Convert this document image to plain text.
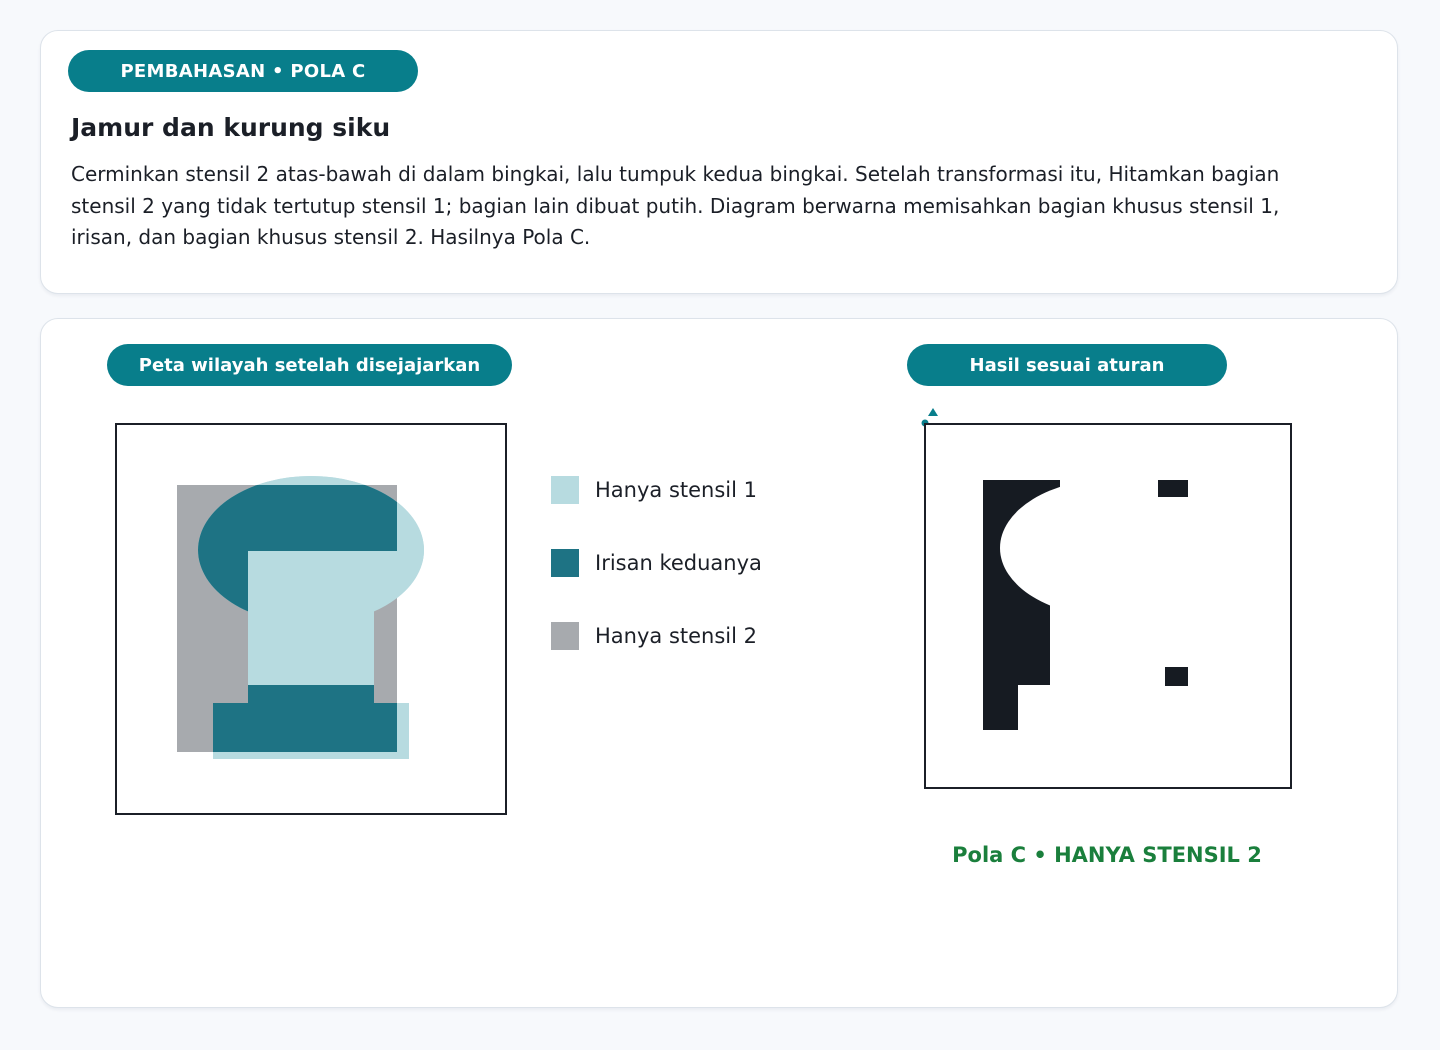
PEMBAHASAN • POLA C
Jamur dan kurung siku

Cerminkan stensil 2 atas-bawah di dalam bingkai, lalu tumpuk kedua bingkai. Setelah transformasi itu, Hitamkan bagian stensil 2 yang tidak tertutup stensil 1; bagian lain dibuat putih. Diagram berwarna memisahkan bagian khusus stensil 1, irisan, dan bagian khusus stensil 2. Hasilnya Pola C.

Peta wilayah setelah disejajarkan	Hasil sesuai aturan
Hanya stensil 1
Irisan keduanya
Hanya stensil 2
Pola C • HANYA STENSIL 2
